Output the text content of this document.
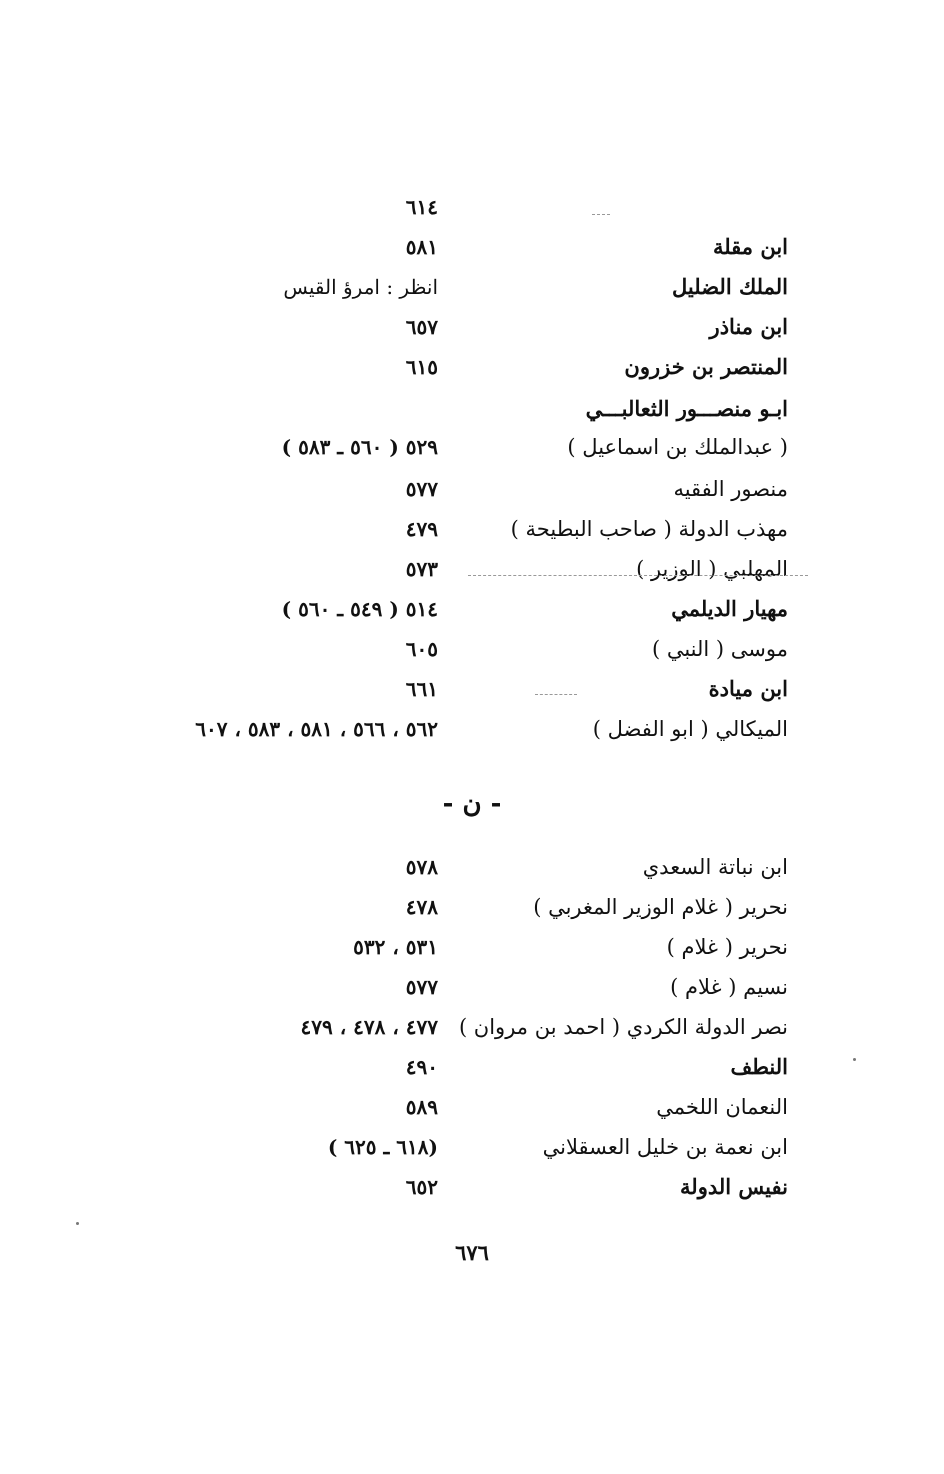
٦١٤
ابن مقلة
٥٨١
الملك الضليل
انظر : امرؤ القيس
ابن مناذر
٦٥٧
المنتصر بن خزرون
٦١٥
ابـو منصـــور الثعالبـــي
( عبدالملك بن اسماعيل )
٥٢٩ ( ٥٦٠ ـ ٥٨٣ )
منصور الفقيه
٥٧٧
مهذب الدولة ( صاحب البطيحة )
٤٧٩
المهلبي ( الوزير )
٥٧٣
مهيار الديلمي
٥١٤ ( ٥٤٩ ـ ٥٦٠ )
موسى ( النبي )
٦٠٥
ابن ميادة
٦٦١
الميكالي ( ابو الفضل )
٥٦٢ ، ٥٦٦ ، ٥٨١ ، ٥٨٣ ، ٦٠٧
- ن -
ابن نباتة السعدي
٥٧٨
نحرير ( غلام الوزير المغربي )
٤٧٨
نحرير ( غلام )
٥٣١ ، ٥٣٢
نسيم ( غلام )
٥٧٧
نصر الدولة الكردي ( احمد بن مروان )
٤٧٧ ، ٤٧٨ ، ٤٧٩
النطف
٤٩٠
النعمان اللخمي
٥٨٩
ابن نعمة بن خليل العسقلاني
(٦١٨ ـ ٦٢٥ )
نفيس الدولة
٦٥٢
٦٧٦
